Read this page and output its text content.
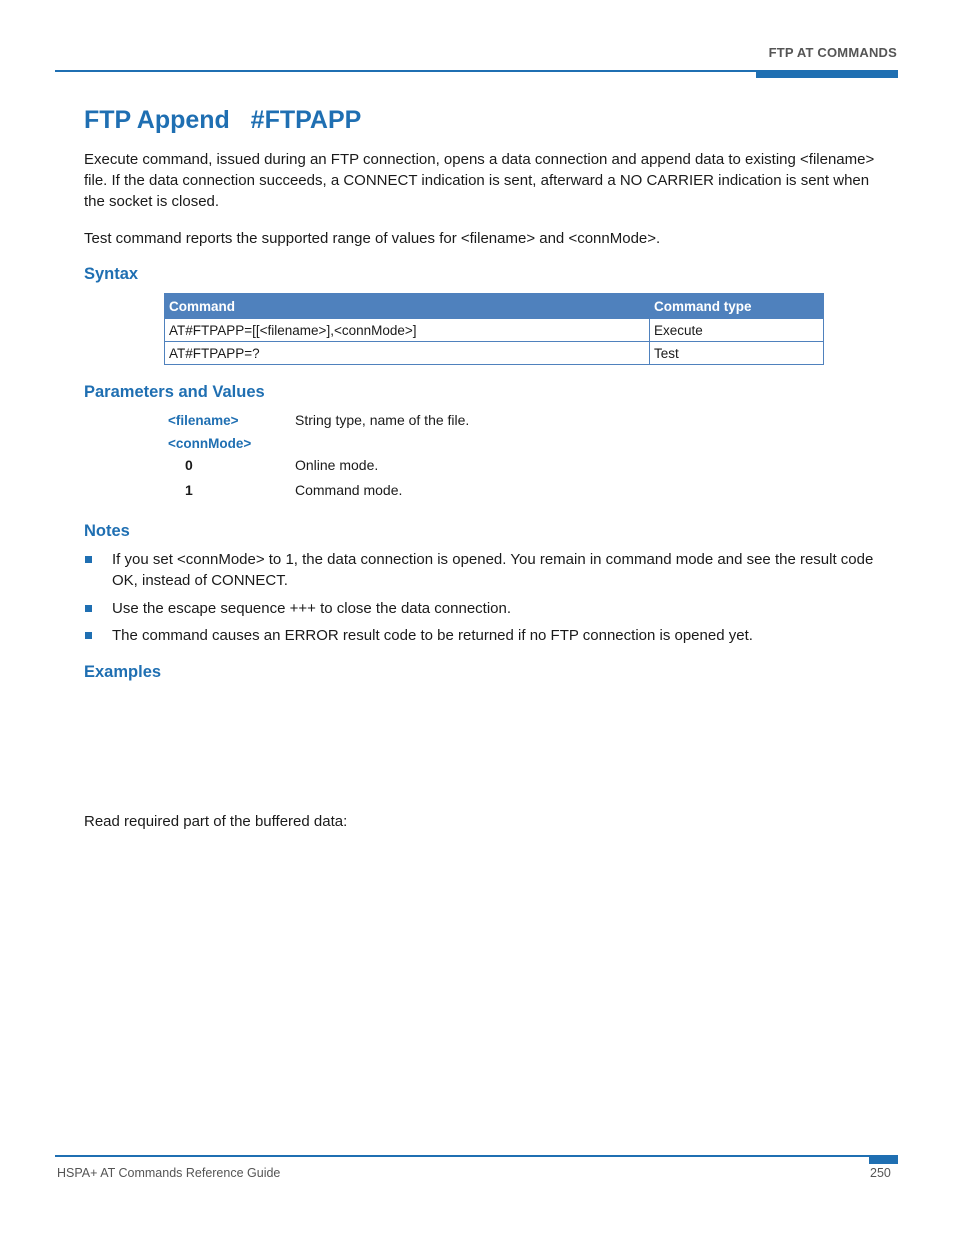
FTP AT COMMANDS
FTP Append   #FTPAPP
Execute command, issued during an FTP connection, opens a data connection and append data to existing <filename> file. If the data connection succeeds, a CONNECT indication is sent, afterward a NO CARRIER indication is sent when the socket is closed.
Test command reports the supported range of values for <filename> and <connMode>.
Syntax
Command	Command type
AT#FTPAPP=[[<filename>],<connMode>]	Execute
AT#FTPAPP=?	Test
Parameters and Values
<filename>	String type, name of the file.
<connMode>
0	Online mode.
1	Command mode.
Notes
If you set <connMode> to 1, the data connection is opened. You remain in command mode and see the result code OK, instead of CONNECT.
Use the escape sequence +++ to close the data connection.
The command causes an ERROR result code to be returned if no FTP connection is opened yet.
Examples
Read required part of the buffered data:
HSPA+ AT Commands Reference Guide	250
